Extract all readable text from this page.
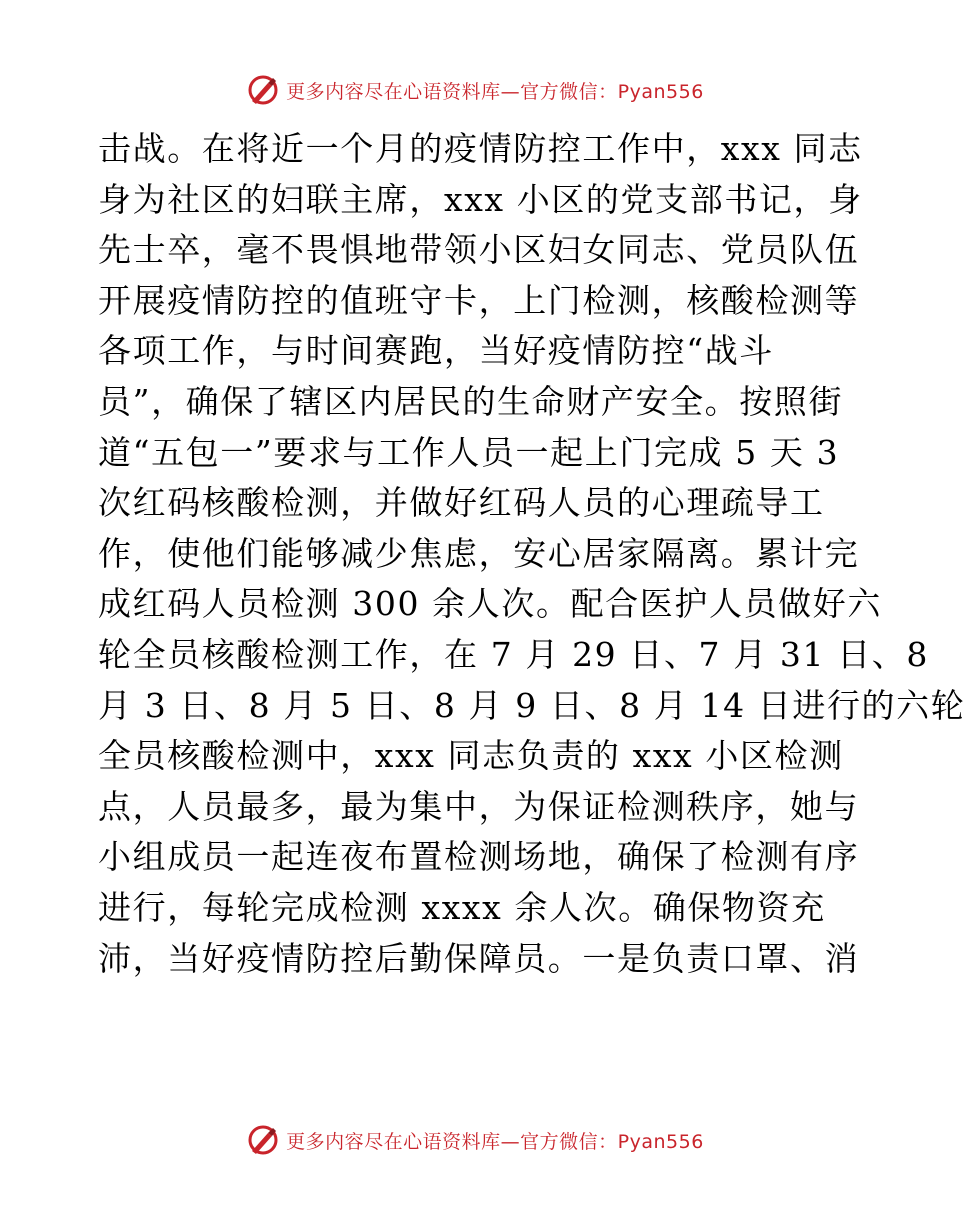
更多内容尽在心语资料库—官方微信：Pyan556
击战。在将近一个月的疫情防控工作中，xxx 同志
身为社区的妇联主席，xxx 小区的党支部书记，身
先士卒，毫不畏惧地带领小区妇女同志、党员队伍
开展疫情防控的值班守卡，上门检测，核酸检测等
各项工作，与时间赛跑，当好疫情防控“战斗
员”，确保了辖区内居民的生命财产安全。按照街
道“五包一”要求与工作人员一起上门完成 5 天 3
次红码核酸检测，并做好红码人员的心理疏导工
作，使他们能够减少焦虑，安心居家隔离。累计完
成红码人员检测 300 余人次。配合医护人员做好六
轮全员核酸检测工作，在 7 月 29 日、7 月 31 日、8
月 3 日、8 月 5 日、8 月 9 日、8 月 14 日进行的六轮
全员核酸检测中，xxx 同志负责的 xxx 小区检测
点，人员最多，最为集中，为保证检测秩序，她与
小组成员一起连夜布置检测场地，确保了检测有序
进行，每轮完成检测 xxxx 余人次。确保物资充
沛，当好疫情防控后勤保障员。一是负责口罩、消
更多内容尽在心语资料库—官方微信：Pyan556
